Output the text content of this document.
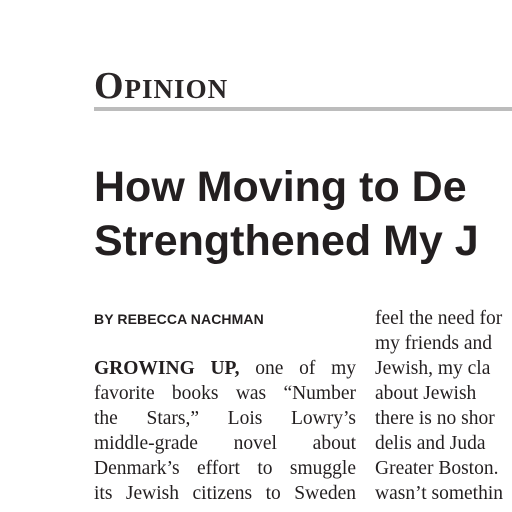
Opinion
How Moving to De
Strengthened My J
BY REBECCA NACHMAN
GROWING UP, one of my
favorite books was “Number
the Stars,” Lois Lowry’s
middle-grade novel about
Denmark’s effort to smuggle
its Jewish citizens to Sweden
feel the need for
my friends and
Jewish, my cla
about Jewish
there is no shor
delis and Juda
Greater Boston.
wasn’t somethin
